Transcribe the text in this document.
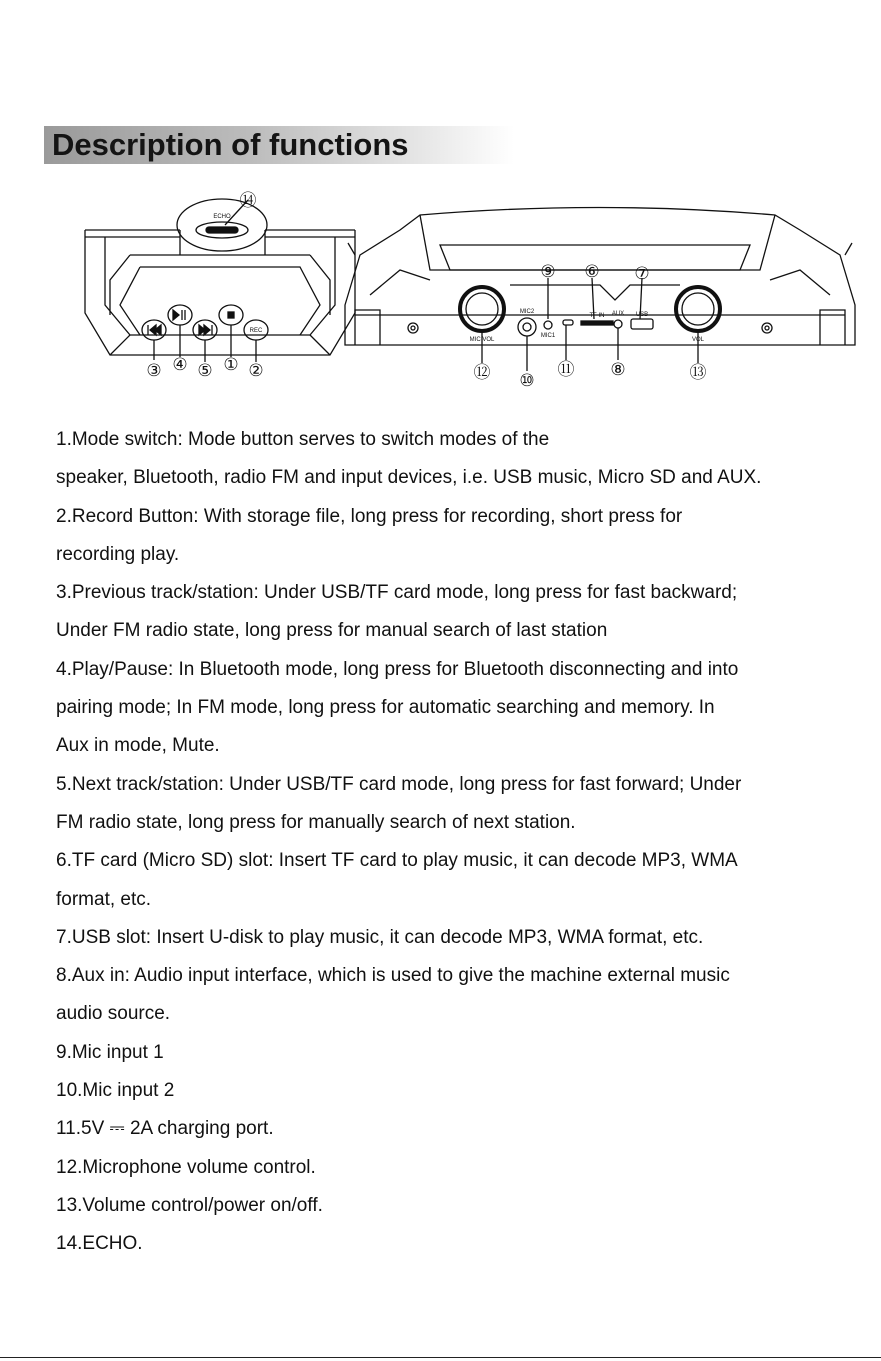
Description of functions
ECHO
REC
MIC2
MIC1
TF IN AUX USB
MIC VOL	VOL
① ②
③ ④ ⑤
⑥ ⑦
⑧
⑨
⑩
⑪
⑫	⑬
⑭

1.Mode switch: Mode button serves to switch modes of the

speaker, Bluetooth, radio FM and input devices, i.e. USB music, Micro SD and AUX.

2.Record Button: With storage file, long press for recording, short press for

recording play.

3.Previous track/station: Under USB/TF card mode, long press for fast backward;

Under FM radio state, long press for manual search of last station

4.Play/Pause: In Bluetooth mode, long press for Bluetooth disconnecting and into

pairing mode; In FM mode, long press for automatic searching and memory. In

Aux in mode, Mute.

5.Next track/station: Under USB/TF card mode, long press for fast forward; Under

FM radio state, long press for manually search of next station.

6.TF card (Micro SD) slot: Insert TF card to play music, it can decode MP3, WMA

format, etc.

7.USB slot: Insert U-disk to play music, it can decode MP3, WMA format, etc.

8.Aux in: Audio input interface, which is used to give the machine external music

audio source.

9.Mic input 1

10.Mic input 2

11.5V ⎓ 2A charging port.

12.Microphone volume control.

13.Volume control/power on/off.

14.ECHO.
